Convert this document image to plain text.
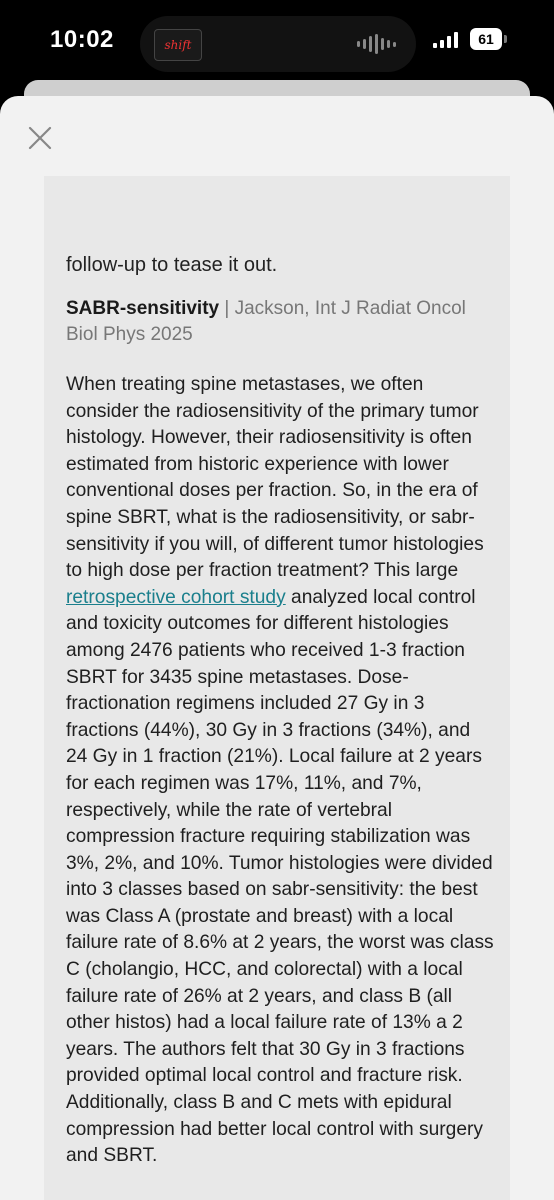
10:02	shift	61
follow-up to tease it out.
SABR-sensitivity | Jackson, Int J Radiat Oncol Biol Phys 2025
When treating spine metastases, we often consider the radiosensitivity of the primary tumor histology. However, their radiosensitivity is often estimated from historic experience with lower conventional doses per fraction. So, in the era of spine SBRT, what is the radiosensitivity, or sabr-sensitivity if you will, of different tumor histologies to high dose per fraction treatment? This large retrospective cohort study analyzed local control and toxicity outcomes for different histologies among 2476 patients who received 1-3 fraction SBRT for 3435 spine metastases. Dose-fractionation regimens included 27 Gy in 3 fractions (44%), 30 Gy in 3 fractions (34%), and 24 Gy in 1 fraction (21%). Local failure at 2 years for each regimen was 17%, 11%, and 7%, respectively, while the rate of vertebral compression fracture requiring stabilization was 3%, 2%, and 10%. Tumor histologies were divided into 3 classes based on sabr-sensitivity: the best was Class A (prostate and breast) with a local failure rate of 8.6% at 2 years, the worst was class C (cholangio, HCC, and colorectal) with a local failure rate of 26% at 2 years, and class B (all other histos) had a local failure rate of 13% a 2 years. The authors felt that 30 Gy in 3 fractions provided optimal local control and fracture risk. Additionally, class B and C mets with epidural compression had better local control with surgery and SBRT.
